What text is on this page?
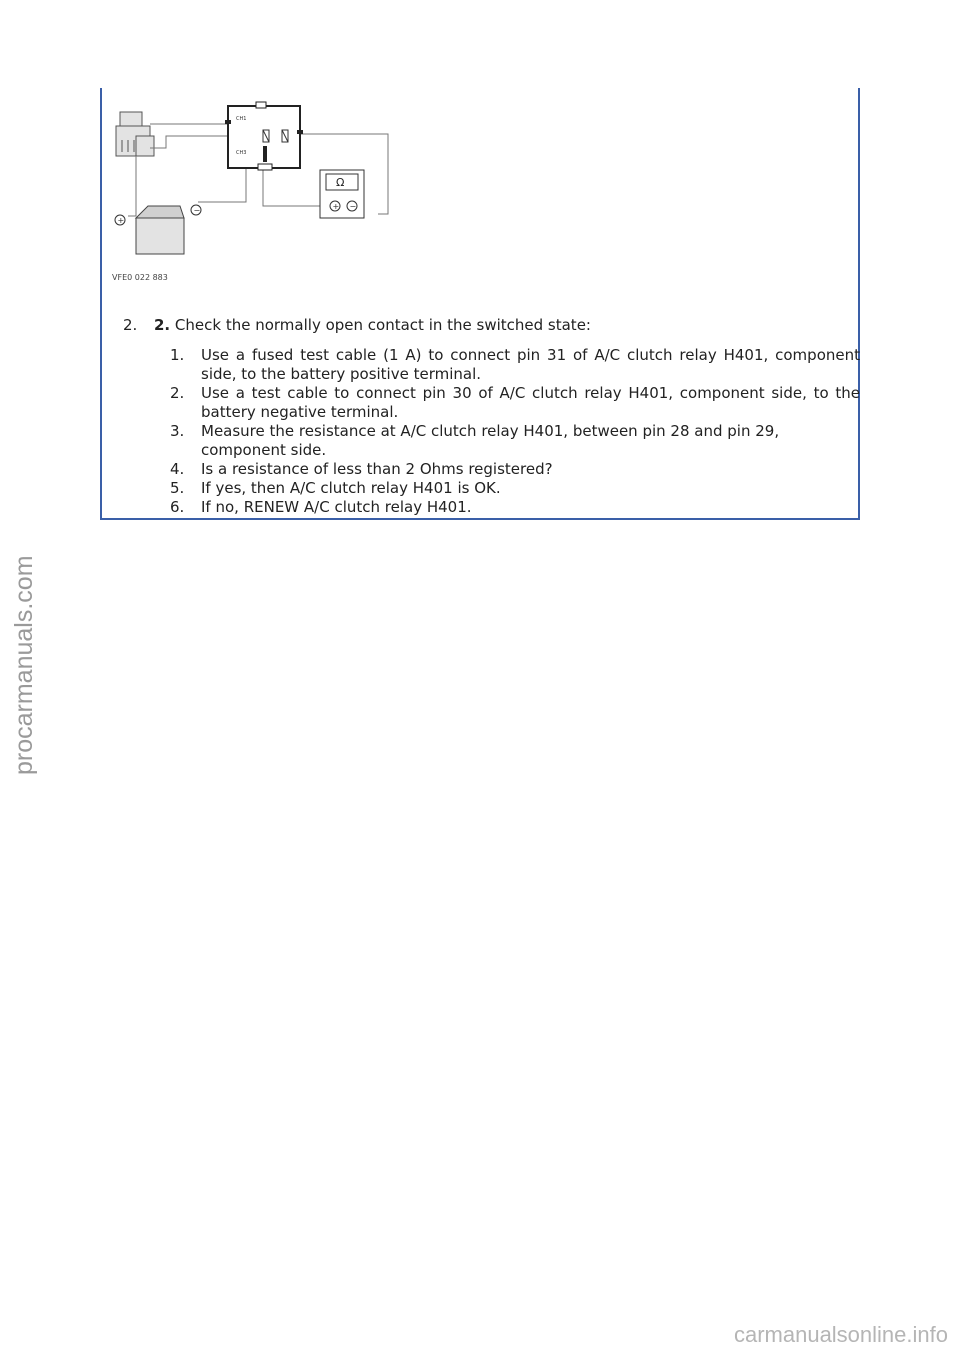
CH1
CH3
Ω
+ −
+
−
VFE0 022 883
2. 2. Check the normally open contact in the switched state:
1.	Use a fused test cable (1 A) to connect pin 31 of A/C clutch relay H401, component side, to the battery positive terminal.
2.	Use a test cable to connect pin 30 of A/C clutch relay H401, component side, to the battery negative terminal.
3.	Measure the resistance at A/C clutch relay H401, between pin 28 and pin 29, component side.
4.	Is a resistance of less than 2 Ohms registered?
5.	If yes, then A/C clutch relay H401 is OK.
6.	If no, RENEW A/C clutch relay H401.
procarmanuals.com
carmanualsonline.info
